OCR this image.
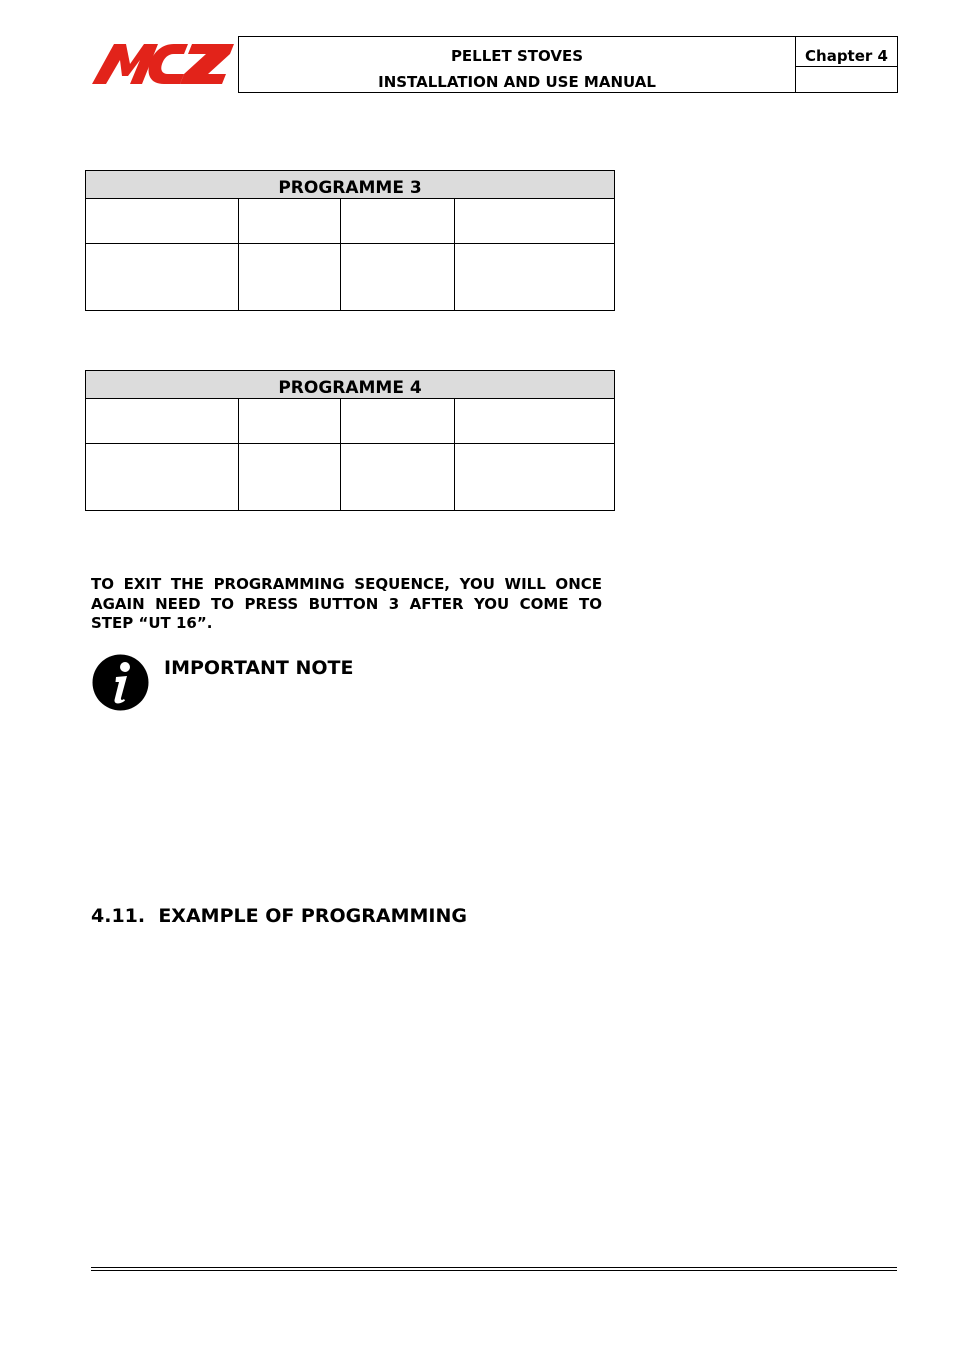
PELLET STOVES
INSTALLATION AND USE MANUAL
Chapter 4
PROGRAMME 3			

PROGRAMME 4			

TO EXIT THE PROGRAMMING SEQUENCE, YOU WILL ONCE AGAIN NEED TO PRESS BUTTON 3 AFTER YOU COME TO STEP “UT 16”.
IMPORTANT NOTE
4.11.  EXAMPLE OF PROGRAMMING
